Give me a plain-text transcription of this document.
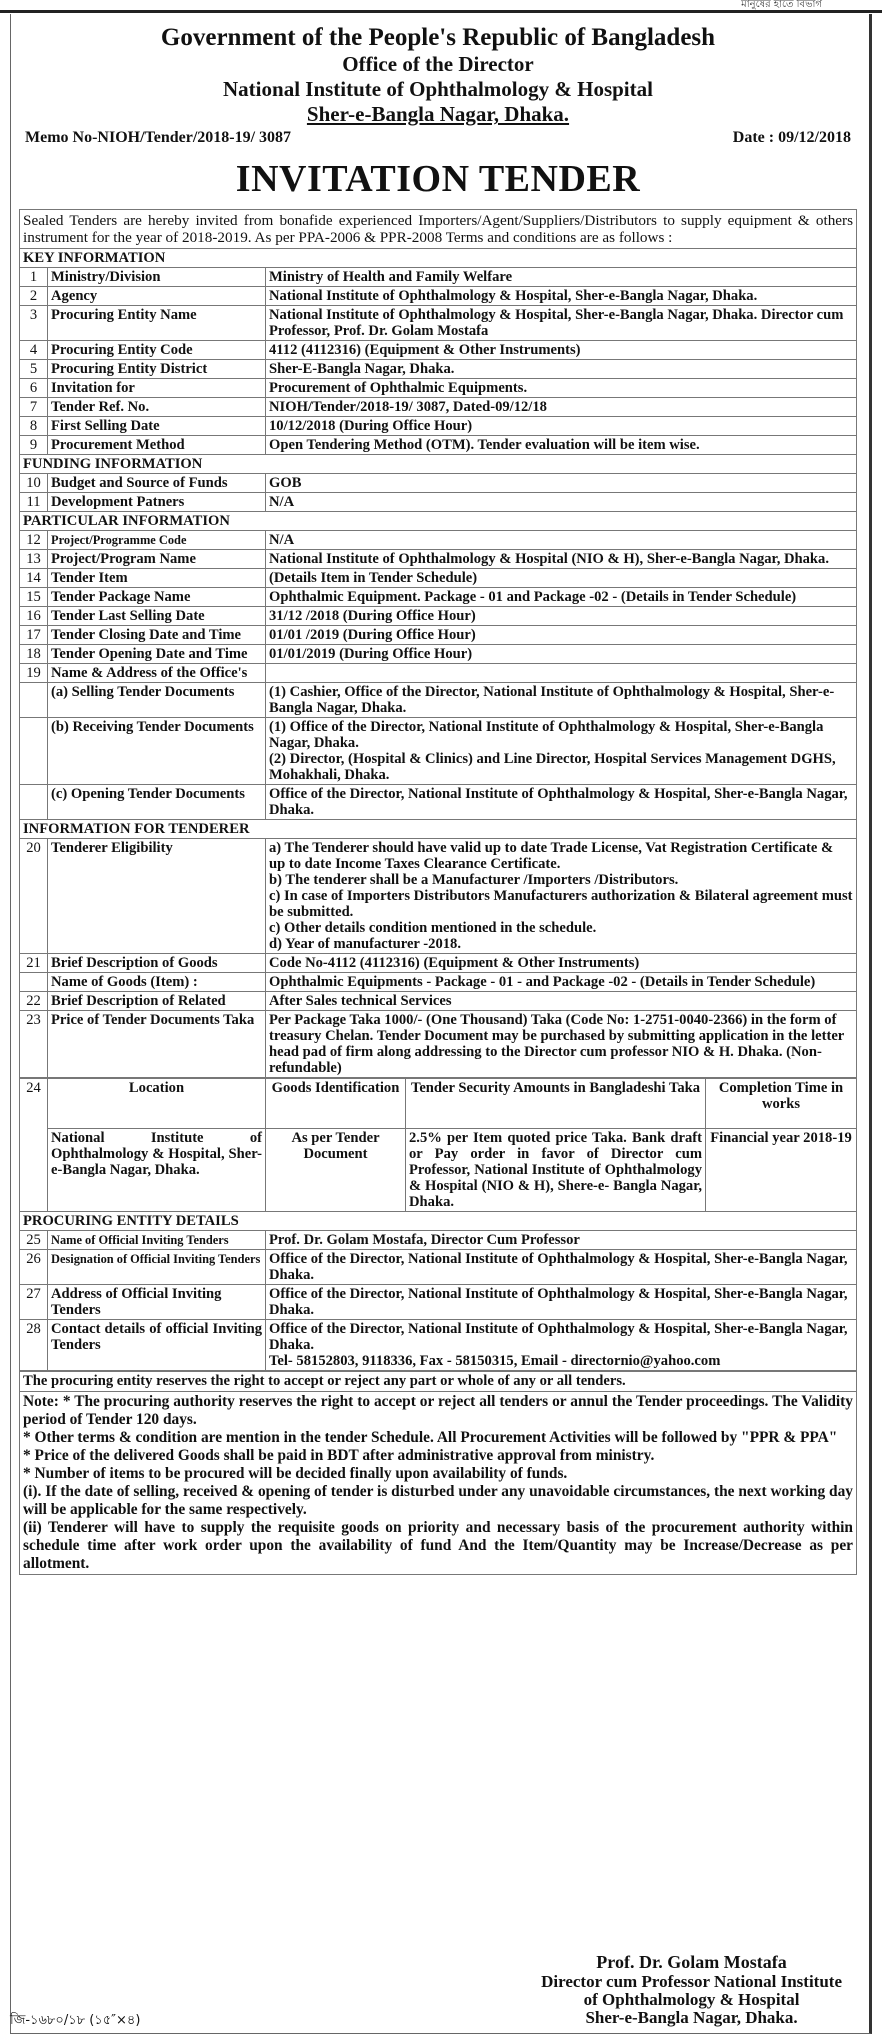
মানুষের হাতে বিভাগ
Government of the People's Republic of Bangladesh
Office of the Director
National Institute of Ophthalmology & Hospital
Sher-e-Bangla Nagar, Dhaka.
Memo No-NIOH/Tender/2018-19/ 3087	Date : 09/12/2018
INVITATION TENDER
Sealed Tenders are hereby invited from bonafide experienced Importers/Agent/Suppliers/Distributors to supply equipment & others instrument for the year of 2018-2019. As per PPA-2006 & PPR-2008 Terms and conditions are as follows :
KEY INFORMATION
1	Ministry/Division	Ministry of Health and Family Welfare
2	Agency	National Institute of Ophthalmology & Hospital, Sher-e-Bangla Nagar, Dhaka.
3	Procuring Entity Name	National Institute of Ophthalmology & Hospital, Sher-e-Bangla Nagar, Dhaka. Director cum Professor, Prof. Dr. Golam Mostafa
4	Procuring Entity Code	4112 (4112316) (Equipment & Other Instruments)
5	Procuring Entity District	Sher-E-Bangla Nagar, Dhaka.
6	Invitation for	Procurement of Ophthalmic Equipments.
7	Tender Ref. No.	NIOH/Tender/2018-19/ 3087, Dated-09/12/18
8	First Selling Date	10/12/2018 (During Office Hour)
9	Procurement Method	Open Tendering Method (OTM). Tender evaluation will be item wise.
FUNDING INFORMATION
10	Budget and Source of Funds	GOB
11	Development Patners	N/A
PARTICULAR INFORMATION
12	Project/Programme Code	N/A
13	Project/Program Name	National Institute of Ophthalmology & Hospital (NIO & H), Sher-e-Bangla Nagar, Dhaka.
14	Tender Item	(Details Item in Tender Schedule)
15	Tender Package Name	Ophthalmic Equipment. Package - 01 and Package -02 - (Details in Tender Schedule)
16	Tender Last Selling Date	31/12 /2018 (During Office Hour)
17	Tender Closing Date and Time	01/01 /2019 (During Office Hour)
18	Tender Opening Date and Time	01/01/2019 (During Office Hour)
19	Name & Address of the Office's	
	(a) Selling Tender Documents	(1) Cashier, Office of the Director, National Institute of Ophthalmology & Hospital, Sher-e-Bangla Nagar, Dhaka.
	(b) Receiving Tender Documents	(1) Office of the Director, National Institute of Ophthalmology & Hospital, Sher-e-Bangla Nagar, Dhaka.
(2) Director, (Hospital & Clinics) and Line Director, Hospital Services Management DGHS, Mohakhali, Dhaka.

	(c) Opening Tender Documents	Office of the Director, National Institute of Ophthalmology & Hospital, Sher-e-Bangla Nagar, Dhaka.
INFORMATION FOR TENDERER
20	Tenderer Eligibility	a) The Tenderer should have valid up to date Trade License, Vat Registration Certificate & up to date Income Taxes Clearance Certificate.
b) The tenderer shall be a Manufacturer /Importers /Distributors.
c) In case of Importers Distributors Manufacturers authorization & Bilateral agreement must be submitted.
c) Other details condition mentioned in the schedule.
d) Year of manufacturer -2018.

21	Brief Description of Goods	Code No-4112 (4112316) (Equipment & Other Instruments)
	Name of Goods (Item) :	Ophthalmic Equipments - Package - 01 - and Package -02 - (Details in Tender Schedule)
22	Brief Description of Related	After Sales technical Services
23	Price of Tender Documents Taka	Per Package Taka 1000/- (One Thousand) Taka (Code No: 1-2751-0040-2366) in the form of treasury Chelan. Tender Document may be purchased by submitting application in the letter head pad of firm along addressing to the Director cum professor NIO & H. Dhaka. (Non-refundable)
24	Location	Goods Identification	Tender Security Amounts in Bangladeshi Taka	Completion Time in works
	National Institute of Ophthalmology & Hospital, Sher-e-Bangla Nagar, Dhaka.	As per Tender Document	2.5% per Item quoted price Taka. Bank draft or Pay order in favor of Director cum Professor, National Institute of Ophthalmology & Hospital (NIO & H), Shere-e- Bangla Nagar, Dhaka.	Financial year 2018-19
PROCURING ENTITY DETAILS
25	Name of Official Inviting Tenders	Prof. Dr. Golam Mostafa, Director Cum Professor
26	Designation of Official Inviting Tenders	Office of the Director, National Institute of Ophthalmology & Hospital, Sher-e-Bangla Nagar, Dhaka.
27	Address of Official Inviting Tenders	Office of the Director, National Institute of Ophthalmology & Hospital, Sher-e-Bangla Nagar, Dhaka.
28	Contact details of official Inviting Tenders	Office of the Director, National Institute of Ophthalmology & Hospital, Sher-e-Bangla Nagar, Dhaka.
Tel- 58152803, 9118336, Fax - 58150315, Email - directornio@yahoo.com
The procuring entity reserves the right to accept or reject any part or whole of any or all tenders.
Note: * The procuring authority reserves the right to accept or reject all tenders or annul the Tender proceedings. The Validity period of Tender 120 days.
* Other terms & condition are mention in the tender Schedule. All Procurement Activities will be followed by "PPR & PPA"
* Price of the delivered Goods shall be paid in BDT after administrative approval from ministry.
* Number of items to be procured will be decided finally upon availability of funds.
(i). If the date of selling, received & opening of tender is disturbed under any unavoidable circumstances, the next working day will be applicable for the same respectively.
(ii) Tenderer will have to supply the requisite goods on priority and necessary basis of the procurement authority within schedule time after work order upon the availability of fund And the Item/Quantity may be Increase/Decrease as per allotment.
Prof. Dr. Golam Mostafa
Director cum Professor National Institute
of Ophthalmology & Hospital
Sher-e-Bangla Nagar, Dhaka.
জি-১৬৮০/১৮ (১৫″×৪)
